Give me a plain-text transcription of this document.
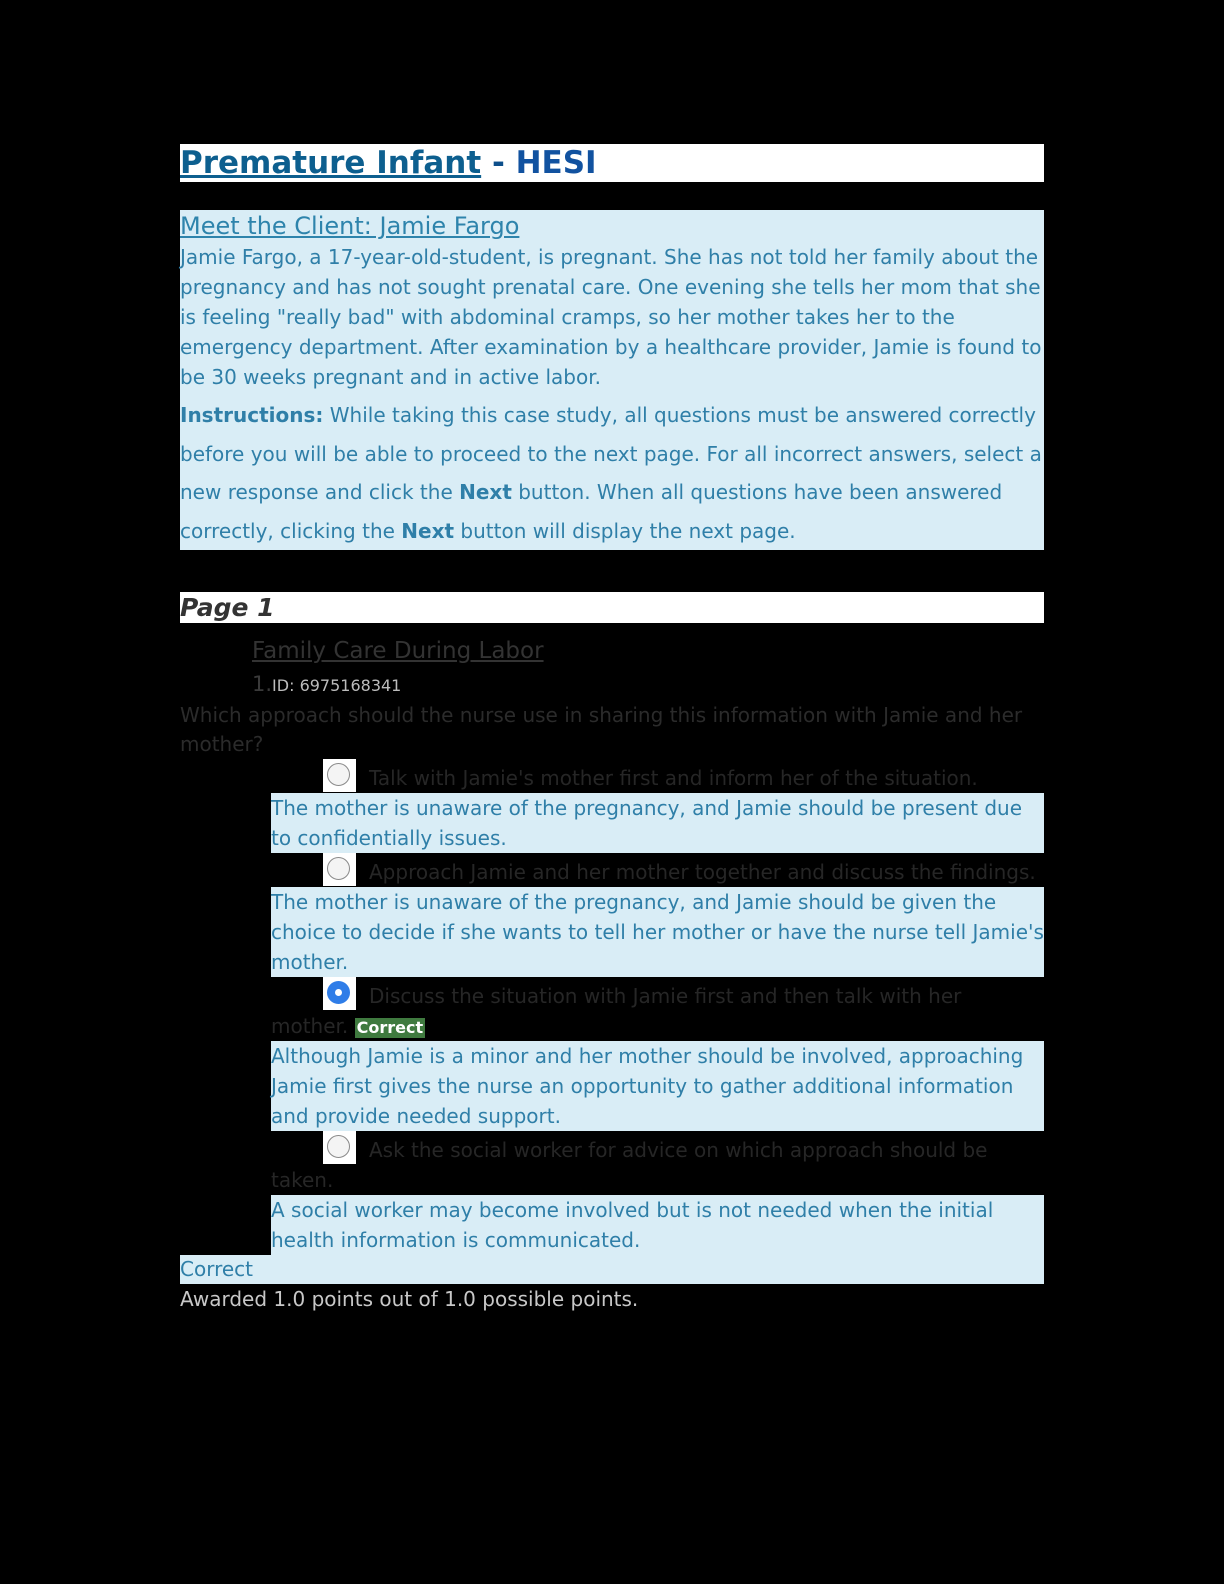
Premature Infant - HESI
Meet the Client: Jamie Fargo

Jamie Fargo, a 17-year-old-student, is pregnant. She has not told her family about the pregnancy and has not sought prenatal care. One evening she tells her mom that she is feeling "really bad" with abdominal cramps, so her mother takes her to the emergency department. After examination by a healthcare provider, Jamie is found to be 30 weeks pregnant and in active labor.

Instructions: While taking this case study, all questions must be answered correctly before you will be able to proceed to the next page. For all incorrect answers, select a new response and click the Next button. When all questions have been answered correctly, clicking the Next button will display the next page.
Page 1
Family Care During Labor
1.ID: 6975168341
Which approach should the nurse use in sharing this information with Jamie and her mother?
Talk with Jamie's mother first and inform her of the situation.
The mother is unaware of the pregnancy, and Jamie should be present due to confidentially issues.
Approach Jamie and her mother together and discuss the findings.
The mother is unaware of the pregnancy, and Jamie should be given the choice to decide if she wants to tell her mother or have the nurse tell Jamie's mother.
Discuss the situation with Jamie first and then talk with her mother. Correct
Although Jamie is a minor and her mother should be involved, approaching Jamie first gives the nurse an opportunity to gather additional information and provide needed support.
Ask the social worker for advice on which approach should be taken.
A social worker may become involved but is not needed when the initial health information is communicated.
Correct
Awarded 1.0 points out of 1.0 possible points.
